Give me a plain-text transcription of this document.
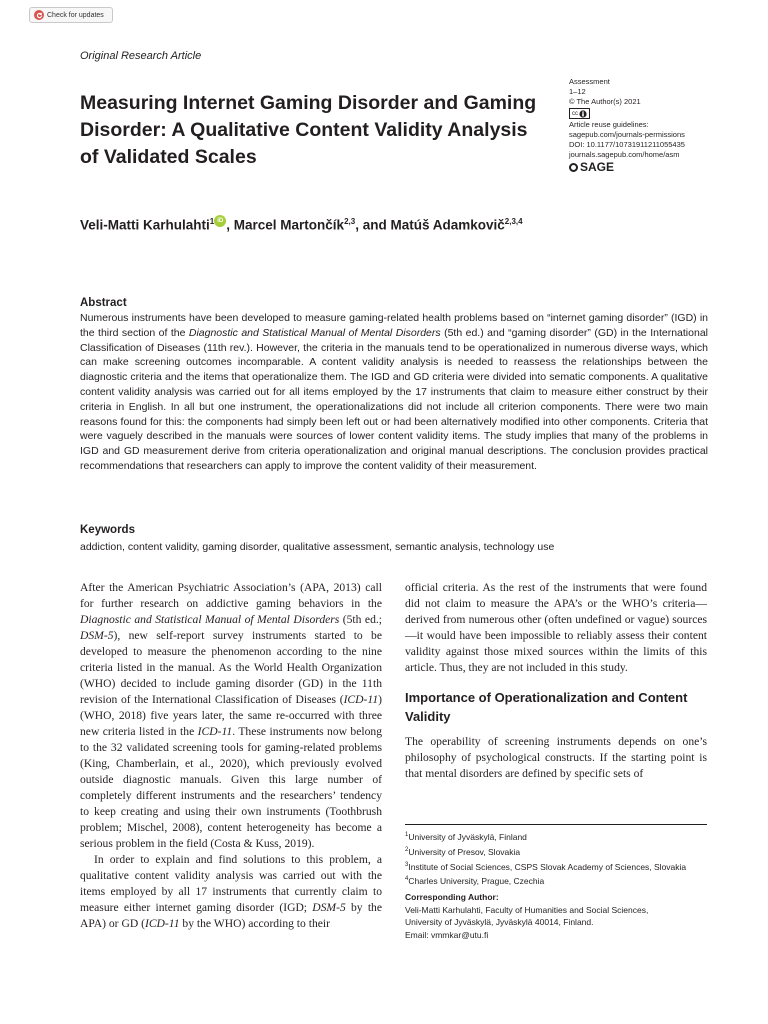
Check for updates
Original Research Article
Assessment
1–12
© The Author(s) 2021
cc
Article reuse guidelines:
sagepub.com/journals-permissions
DOI: 10.1177/10731911211055435
journals.sagepub.com/home/asm
SAGE
Measuring Internet Gaming Disorder and Gaming Disorder: A Qualitative Content Validity Analysis of Validated Scales
Veli-Matti Karhulahti$^1$ iD , Marcel Martončík$^{2,3}$, and Matúš Adamkovič$^{2,3,4}$
Abstract
Numerous instruments have been developed to measure gaming-related health problems based on “internet gaming disorder” (IGD) in the third section of the Diagnostic and Statistical Manual of Mental Disorders (5th ed.) and “gaming disorder” (GD) in the International Classification of Diseases (11th rev.). However, the criteria in the manuals tend to be operationalized in numerous diverse ways, which can make screening outcomes incomparable. A content validity analysis is needed to reassess the relationships between the diagnostic criteria and the items that operationalize them. The IGD and GD criteria were divided into sematic components. A qualitative content validity analysis was carried out for all items employed by the 17 instruments that claim to measure either construct by their criteria in English. In all but one instrument, the operationalizations did not include all criterion components. There were two main reasons found for this: the components had simply been left out or had been alternatively modified into other components. Criteria that were vaguely described in the manuals were sources of lower content validity items. The study implies that many of the problems in IGD and GD measurement derive from criteria operationalization and original manual descriptions. The conclusion provides practical recommendations that researchers can apply to improve the content validity of their measurement.
Keywords
addiction, content validity, gaming disorder, qualitative assessment, semantic analysis, technology use

After the American Psychiatric Association’s (APA, 2013) call for further research on addictive gaming behaviors in the Diagnostic and Statistical Manual of Mental Disorders (5th ed.; DSM-5), new self-report survey instruments started to be developed to measure the phenomenon according to the nine criteria listed in the manual. As the World Health Organization (WHO) decided to include gaming disorder (GD) in the 11th revision of the International Classification of Diseases (ICD-11) (WHO, 2018) five years later, the same re-occurred with three new criteria listed in the ICD-11. These instruments now belong to the 32 validated screening tools for gaming-related problems (King, Chamberlain, et al., 2020), which previously evolved outside diagnostic manuals. Given this large number of completely different instruments and the researchers’ tendency to keep creating and using their own instruments (Toothbrush problem; Mischel, 2008), content heterogeneity has become a serious problem in the field (Costa & Kuss, 2019).

In order to explain and find solutions to this problem, a qualitative content validity analysis was carried out with the items employed by all 17 instruments that currently claim to measure either internet gaming disorder (IGD; DSM-5 by the APA) or GD (ICD-11 by the WHO) according to their

official criteria. As the rest of the instruments that were found did not claim to measure the APA’s or the WHO’s criteria—derived from numerous other (often undefined or vague) sources—it would have been impossible to reliably assess their content validity against those mixed sources within the limits of this article. Thus, they are not included in this study.

Importance of Operationalization and Content Validity

The operability of screening instruments depends on one’s philosophy of psychological constructs. If the starting point is that mental disorders are defined by specific sets of

$^1$University of Jyväskylä, Finland
$^2$University of Presov, Slovakia
$^3$Institute of Social Sciences, CSPS Slovak Academy of Sciences, Slovakia
$^4$Charles University, Prague, Czechia
Corresponding Author:
Veli-Matti Karhulahti, Faculty of Humanities and Social Sciences,
University of Jyväskylä, Jyväskylä 40014, Finland.
Email: vmmkar@utu.fi
